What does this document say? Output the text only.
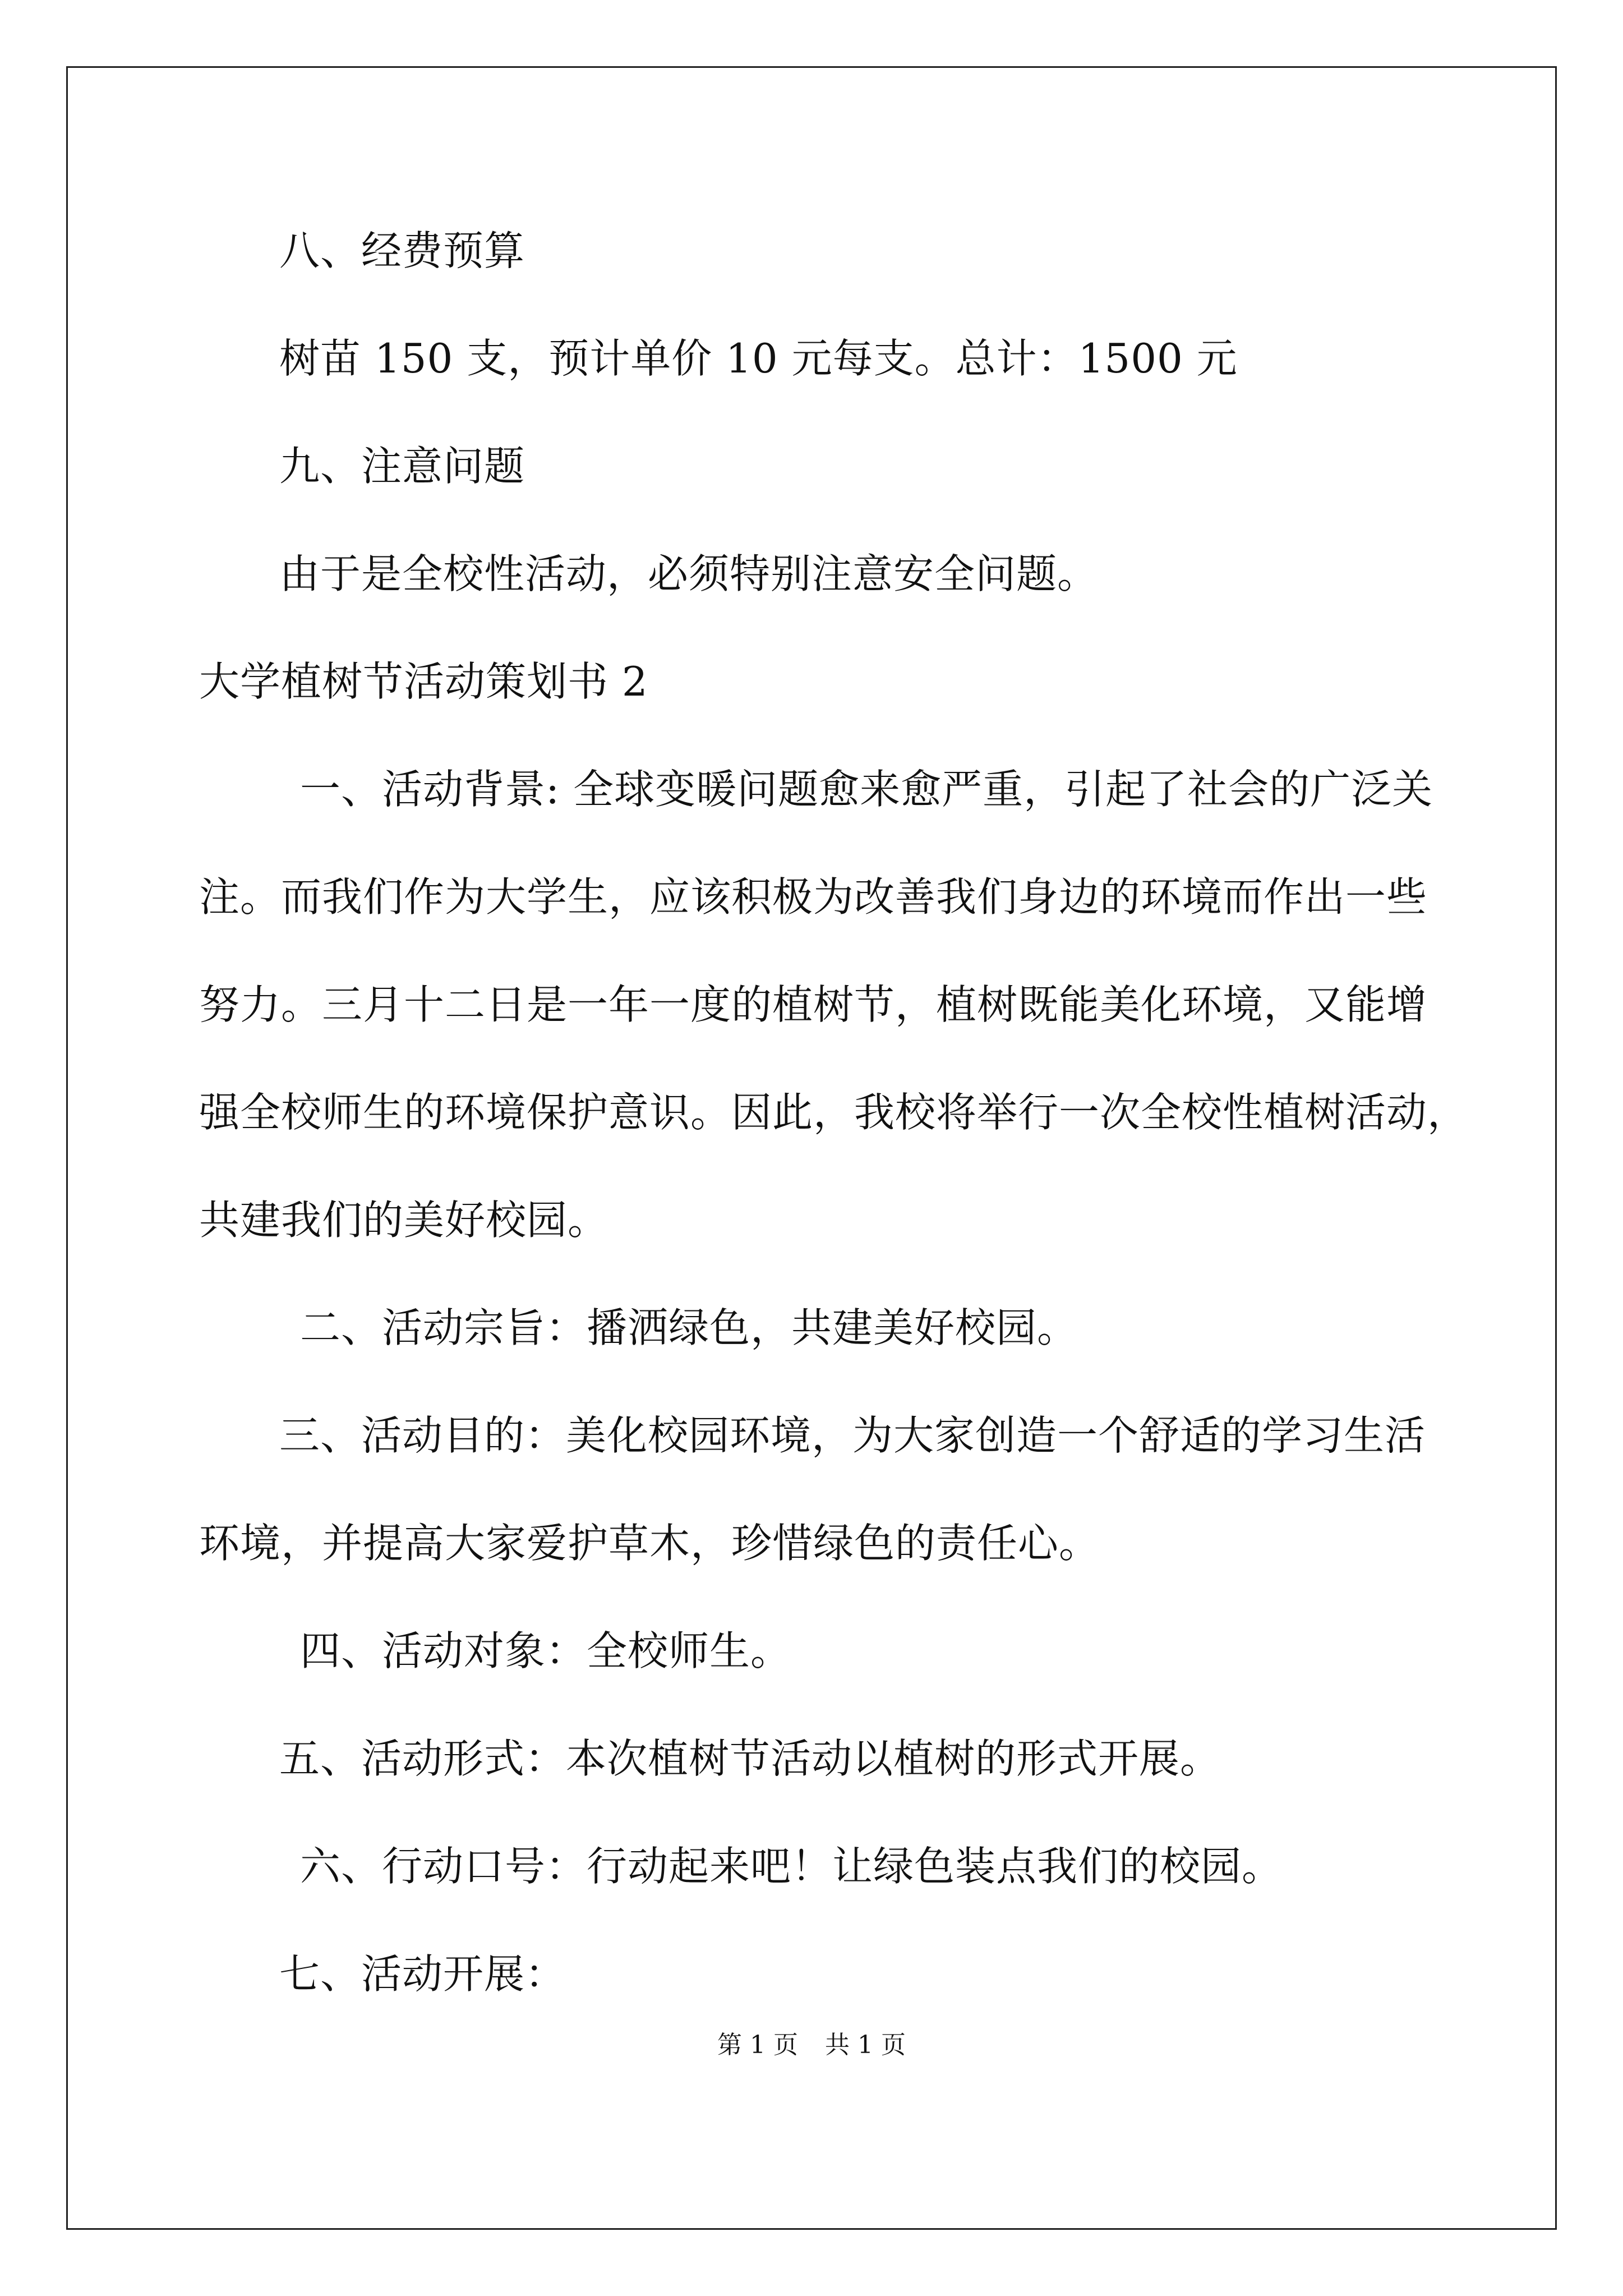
八、经费预算
树苗 150 支，预计单价 10 元每支。总计：1500 元
九、注意问题
由于是全校性活动，必须特别注意安全问题。
大学植树节活动策划书 2
一、活动背景: 全球变暖问题愈来愈严重，引起了社会的广泛关
注。而我们作为大学生，应该积极为改善我们身边的环境而作出一些
努力。三月十二日是一年一度的植树节，植树既能美化环境，又能增
强全校师生的环境保护意识。因此，我校将举行一次全校性植树活动，
共建我们的美好校园。
二、活动宗旨：播洒绿色，共建美好校园。
三、活动目的：美化校园环境，为大家创造一个舒适的学习生活
环境，并提高大家爱护草木，珍惜绿色的责任心。
四、活动对象：全校师生。
五、活动形式：本次植树节活动以植树的形式开展。
六、行动口号：行动起来吧！让绿色装点我们的校园。
七、活动开展：
第 1 页 共 1 页
